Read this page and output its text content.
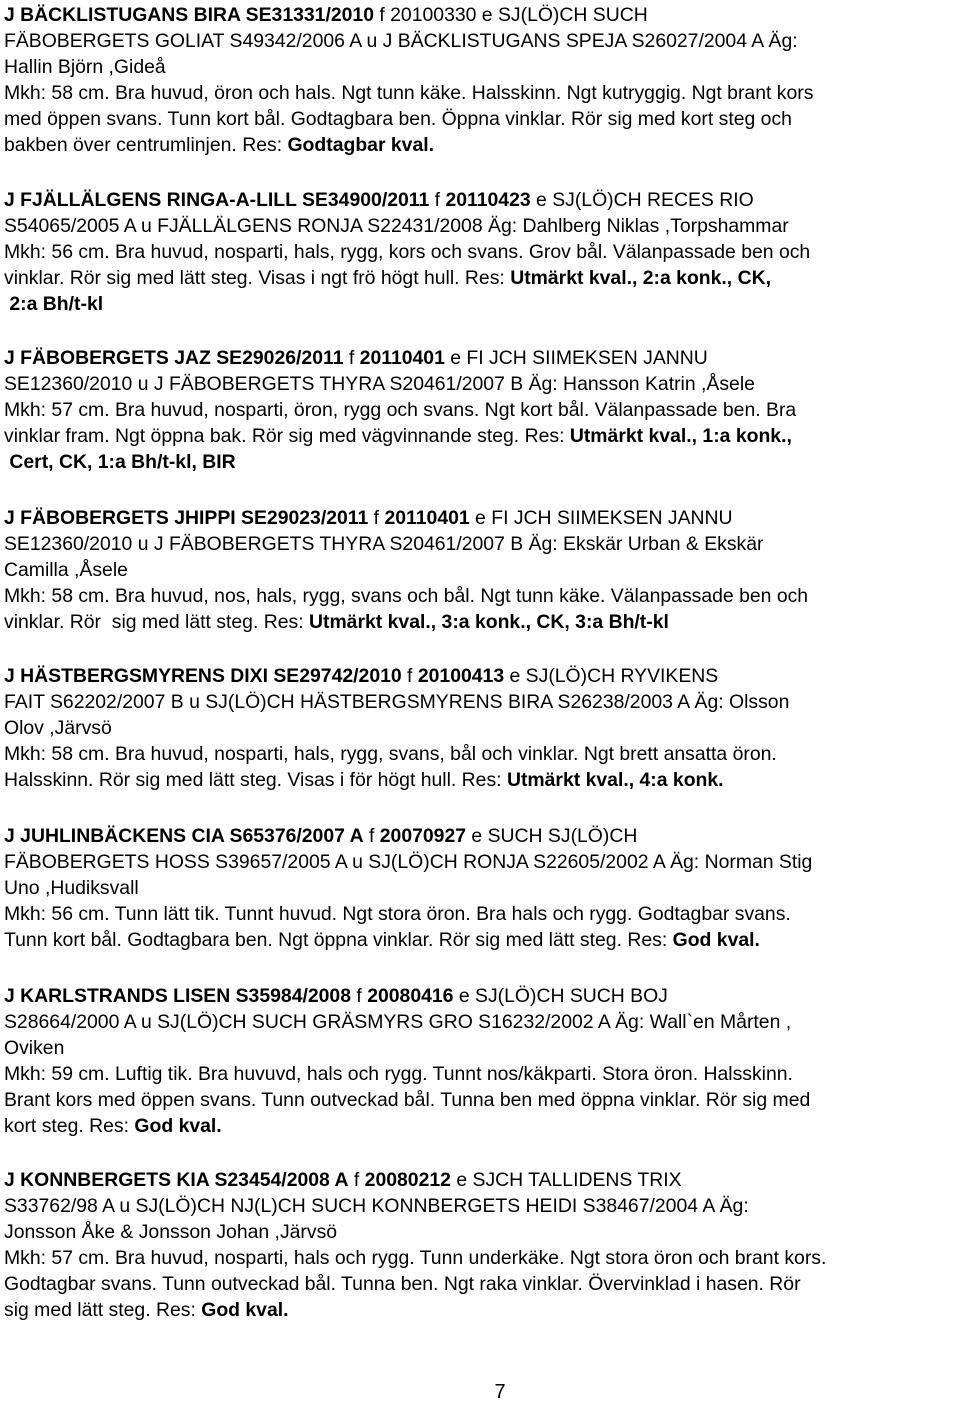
J BÄCKLISTUGANS BIRA SE31331/2010 f 20100330 e SJ(LÖ)CH SUCH
FÄBOBERGETS GOLIAT S49342/2006 A u J BÄCKLISTUGANS SPEJA S26027/2004 A Äg:
Hallin Björn ,Gideå
Mkh: 58 cm. Bra huvud, öron och hals. Ngt tunn käke. Halsskinn. Ngt kutryggig. Ngt brant kors
med öppen svans. Tunn kort bål. Godtagbara ben. Öppna vinklar. Rör sig med kort steg och
bakben över centrumlinjen. Res: Godtagbar kval.
J FJÄLLÄLGENS RINGA-A-LILL SE34900/2011 f 20110423 e SJ(LÖ)CH RECES RIO
S54065/2005 A u FJÄLLÄLGENS RONJA S22431/2008 Äg: Dahlberg Niklas ,Torpshammar
Mkh: 56 cm. Bra huvud, nosparti, hals, rygg, kors och svans. Grov bål. Välanpassade ben och
vinklar. Rör sig med lätt steg. Visas i ngt frö högt hull. Res: Utmärkt kval., 2:a konk., CK,
2:a Bh/t-kl
J FÄBOBERGETS JAZ SE29026/2011 f 20110401 e FI JCH SIIMEKSEN JANNU
SE12360/2010 u J FÄBOBERGETS THYRA S20461/2007 B Äg: Hansson Katrin ,Åsele
Mkh: 57 cm. Bra huvud, nosparti, öron, rygg och svans. Ngt kort bål. Välanpassade ben. Bra
vinklar fram. Ngt öppna bak. Rör sig med vägvinnande steg. Res: Utmärkt kval., 1:a konk.,
Cert, CK, 1:a Bh/t-kl, BIR
J FÄBOBERGETS JHIPPI SE29023/2011 f 20110401 e FI JCH SIIMEKSEN JANNU
SE12360/2010 u J FÄBOBERGETS THYRA S20461/2007 B Äg: Ekskär Urban & Ekskär
Camilla ,Åsele
Mkh: 58 cm. Bra huvud, nos, hals, rygg, svans och bål. Ngt tunn käke. Välanpassade ben och
vinklar. Rör  sig med lätt steg. Res: Utmärkt kval., 3:a konk., CK, 3:a Bh/t-kl
J HÄSTBERGSMYRENS DIXI SE29742/2010 f 20100413 e SJ(LÖ)CH RYVIKENS
FAIT S62202/2007 B u SJ(LÖ)CH HÄSTBERGSMYRENS BIRA S26238/2003 A Äg: Olsson
Olov ,Järvsö
Mkh: 58 cm. Bra huvud, nosparti, hals, rygg, svans, bål och vinklar. Ngt brett ansatta öron.
Halsskinn. Rör sig med lätt steg. Visas i för högt hull. Res: Utmärkt kval., 4:a konk.
J JUHLINBÄCKENS CIA S65376/2007 A f 20070927 e SUCH SJ(LÖ)CH
FÄBOBERGETS HOSS S39657/2005 A u SJ(LÖ)CH RONJA S22605/2002 A Äg: Norman Stig
Uno ,Hudiksvall
Mkh: 56 cm. Tunn lätt tik. Tunnt huvud. Ngt stora öron. Bra hals och rygg. Godtagbar svans.
Tunn kort bål. Godtagbara ben. Ngt öppna vinklar. Rör sig med lätt steg. Res: God kval.
J KARLSTRANDS LISEN S35984/2008 f 20080416 e SJ(LÖ)CH SUCH BOJ
S28664/2000 A u SJ(LÖ)CH SUCH GRÄSMYRS GRO S16232/2002 A Äg: Wall`en Mårten ,
Oviken
Mkh: 59 cm. Luftig tik. Bra huvuvd, hals och rygg. Tunnt nos/käkparti. Stora öron. Halsskinn.
Brant kors med öppen svans. Tunn outveckad bål. Tunna ben med öppna vinklar. Rör sig med
kort steg. Res: God kval.
J KONNBERGETS KIA S23454/2008 A f 20080212 e SJCH TALLIDENS TRIX
S33762/98 A u SJ(LÖ)CH NJ(L)CH SUCH KONNBERGETS HEIDI S38467/2004 A Äg:
Jonsson Åke & Jonsson Johan ,Järvsö
Mkh: 57 cm. Bra huvud, nosparti, hals och rygg. Tunn underkäke. Ngt stora öron och brant kors.
Godtagbar svans. Tunn outveckad bål. Tunna ben. Ngt raka vinklar. Övervinklad i hasen. Rör
sig med lätt steg. Res: God kval.
7
